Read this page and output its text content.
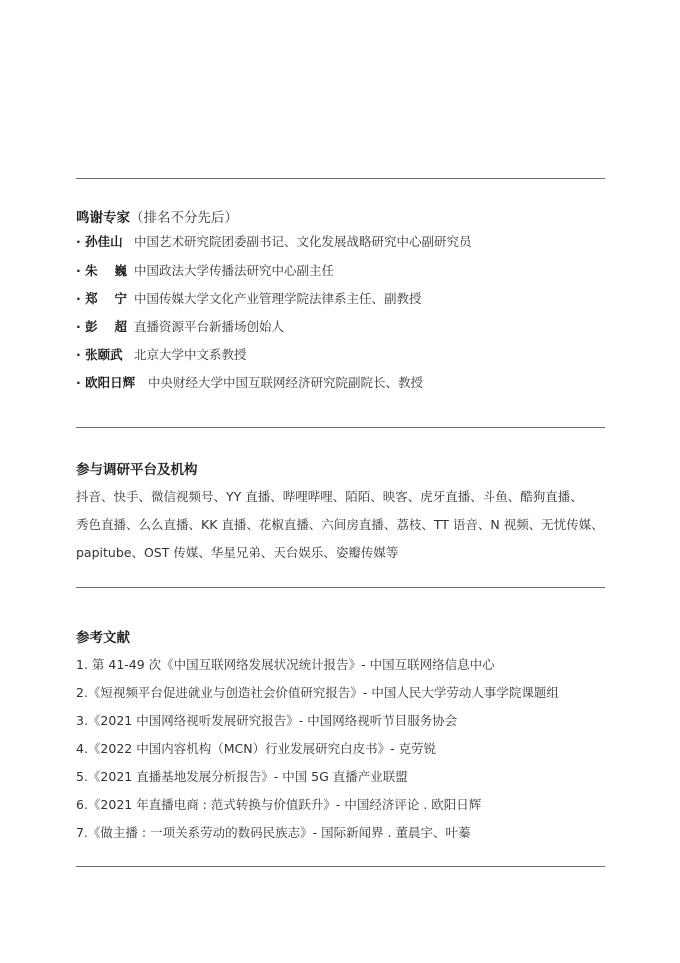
鸣谢专家（排名不分先后）
· 孙佳山 中国艺术研究院团委副书记、文化发展战略研究中心副研究员
· 朱　 巍 中国政法大学传播法研究中心副主任
· 郑　 宁 中国传媒大学文化产业管理学院法律系主任、副教授
· 彭　 超 直播资源平台新播场创始人
· 张颐武 北京大学中文系教授
· 欧阳日辉 中央财经大学中国互联网经济研究院副院长、教授
参与调研平台及机构
抖音、快手、微信视频号、YY 直播、哔哩哔哩、陌陌、映客、虎牙直播、斗鱼、酷狗直播、
秀色直播、么么直播、KK 直播、花椒直播、六间房直播、荔枝、TT 语音、N 视频、无忧传媒、
papitube、OST 传媒、华星兄弟、天台娱乐、姿瓣传媒等
参考文献
1. 第 41-49 次《中国互联网络发展状况统计报告》- 中国互联网络信息中心
2.《短视频平台促进就业与创造社会价值研究报告》- 中国人民大学劳动人事学院课题组
3.《2021 中国网络视听发展研究报告》- 中国网络视听节目服务协会
4.《2022 中国内容机构（MCN）行业发展研究白皮书》- 克劳锐
5.《2021 直播基地发展分析报告》- 中国 5G 直播产业联盟
6.《2021 年直播电商 : 范式转换与价值跃升》- 中国经济评论 . 欧阳日辉
7.《做主播 : 一项关系劳动的数码民族志》- 国际新闻界 . 董晨宇、叶蓁
